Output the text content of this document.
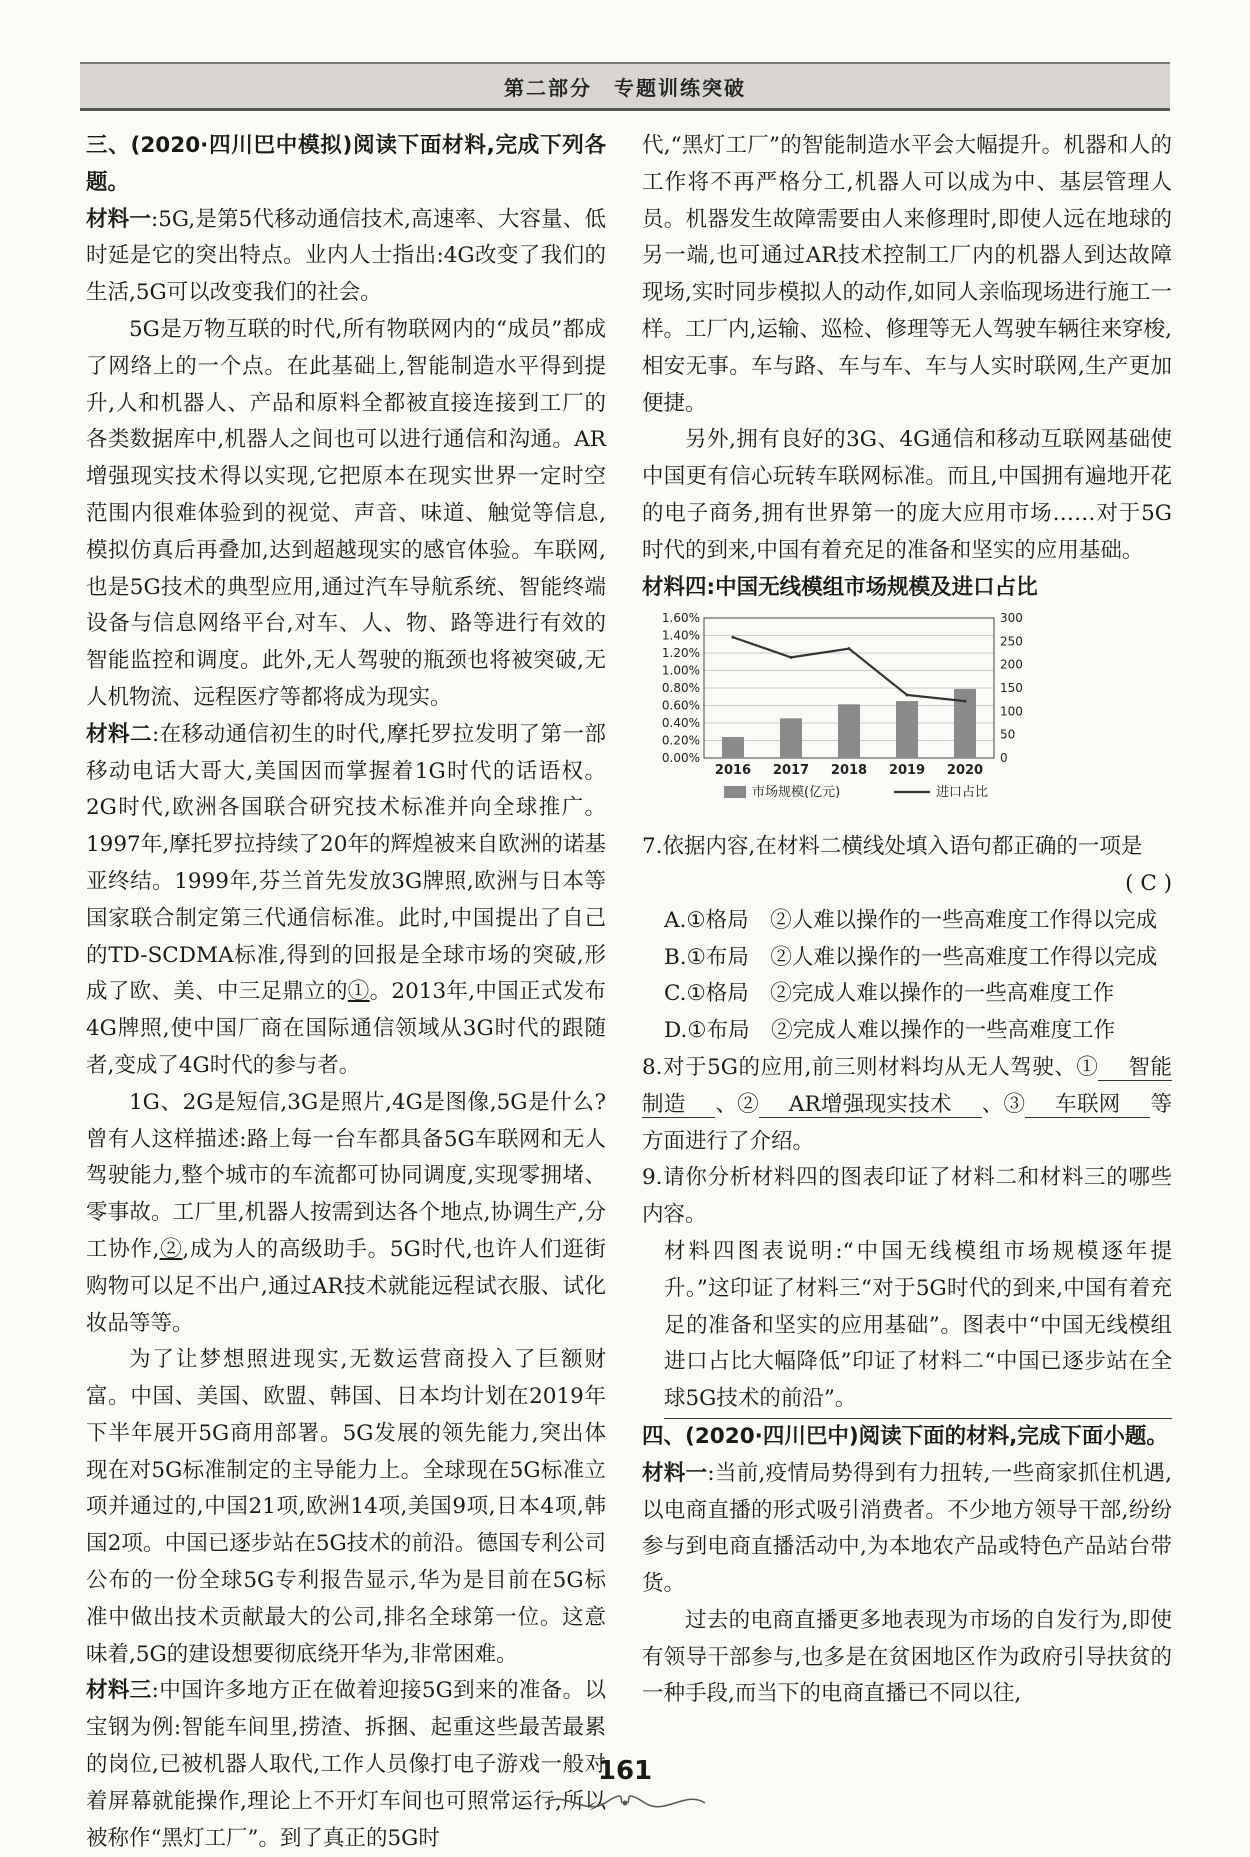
第二部分　专题训练突破

三、(2020·四川巴中模拟)阅读下面材料,完成下列各题。

材料一:5G,是第5代移动通信技术,高速率、大容量、低时延是它的突出特点。业内人士指出:4G改变了我们的生活,5G可以改变我们的社会。

5G是万物互联的时代,所有物联网内的“成员”都成了网络上的一个点。在此基础上,智能制造水平得到提升,人和机器人、产品和原料全都被直接连接到工厂的各类数据库中,机器人之间也可以进行通信和沟通。AR增强现实技术得以实现,它把原本在现实世界一定时空范围内很难体验到的视觉、声音、味道、触觉等信息,模拟仿真后再叠加,达到超越现实的感官体验。车联网,也是5G技术的典型应用,通过汽车导航系统、智能终端设备与信息网络平台,对车、人、物、路等进行有效的智能监控和调度。此外,无人驾驶的瓶颈也将被突破,无人机物流、远程医疗等都将成为现实。

材料二:在移动通信初生的时代,摩托罗拉发明了第一部移动电话大哥大,美国因而掌握着1G时代的话语权。2G时代,欧洲各国联合研究技术标准并向全球推广。1997年,摩托罗拉持续了20年的辉煌被来自欧洲的诺基亚终结。1999年,芬兰首先发放3G牌照,欧洲与日本等国家联合制定第三代通信标准。此时,中国提出了自己的TD-SCDMA标准,得到的回报是全球市场的突破,形成了欧、美、中三足鼎立的①。2013年,中国正式发布4G牌照,使中国厂商在国际通信领域从3G时代的跟随者,变成了4G时代的参与者。

1G、2G是短信,3G是照片,4G是图像,5G是什么?曾有人这样描述:路上每一台车都具备5G车联网和无人驾驶能力,整个城市的车流都可协同调度,实现零拥堵、零事故。工厂里,机器人按需到达各个地点,协调生产,分工协作,②,成为人的高级助手。5G时代,也许人们逛街购物可以足不出户,通过AR技术就能远程试衣服、试化妆品等等。

为了让梦想照进现实,无数运营商投入了巨额财富。中国、美国、欧盟、韩国、日本均计划在2019年下半年展开5G商用部署。5G发展的领先能力,突出体现在对5G标准制定的主导能力上。全球现在5G标准立项并通过的,中国21项,欧洲14项,美国9项,日本4项,韩国2项。中国已逐步站在5G技术的前沿。德国专利公司公布的一份全球5G专利报告显示,华为是目前在5G标准中做出技术贡献最大的公司,排名全球第一位。这意味着,5G的建设想要彻底绕开华为,非常困难。

材料三:中国许多地方正在做着迎接5G到来的准备。以宝钢为例:智能车间里,捞渣、拆捆、起重这些最苦最累的岗位,已被机器人取代,工作人员像打电子游戏一般对着屏幕就能操作,理论上不开灯车间也可照常运行,所以被称作“黑灯工厂”。到了真正的5G时

代,“黑灯工厂”的智能制造水平会大幅提升。机器和人的工作将不再严格分工,机器人可以成为中、基层管理人员。机器发生故障需要由人来修理时,即使人远在地球的另一端,也可通过AR技术控制工厂内的机器人到达故障现场,实时同步模拟人的动作,如同人亲临现场进行施工一样。工厂内,运输、巡检、修理等无人驾驶车辆往来穿梭,相安无事。车与路、车与车、车与人实时联网,生产更加便捷。

另外,拥有良好的3G、4G通信和移动互联网基础使中国更有信心玩转车联网标准。而且,中国拥有遍地开花的电子商务,拥有世界第一的庞大应用市场……对于5G时代的到来,中国有着充足的准备和坚实的应用基础。

材料四:中国无线模组市场规模及进口占比

0.00%
0.20%
0.40%
0.60%
0.80%
1.00%
1.20%
1.40%
1.60%
0
50
100
150
200
250
300
2016 2017 2018 2019 2020
市场规模(亿元)	进口占比

7.依据内容,在材料二横线处填入语句都正确的一项是

( C )

A.①格局　②人难以操作的一些高难度工作得以完成

B.①布局　②人难以操作的一些高难度工作得以完成

C.①格局　②完成人难以操作的一些高难度工作

D.①布局　②完成人难以操作的一些高难度工作

8.对于5G的应用,前三则材料均从无人驾驶、①　智能制造　、②　AR增强现实技术　、③　车联网　等方面进行了介绍。

9.请你分析材料四的图表印证了材料二和材料三的哪些内容。

材料四图表说明:“中国无线模组市场规模逐年提升。”这印证了材料三“对于5G时代的到来,中国有着充足的准备和坚实的应用基础”。图表中“中国无线模组进口占比大幅降低”印证了材料二“中国已逐步站在全球5G技术的前沿”。

四、(2020·四川巴中)阅读下面的材料,完成下面小题。

材料一:当前,疫情局势得到有力扭转,一些商家抓住机遇,以电商直播的形式吸引消费者。不少地方领导干部,纷纷参与到电商直播活动中,为本地农产品或特色产品站台带货。

过去的电商直播更多地表现为市场的自发行为,即使有领导干部参与,也多是在贫困地区作为政府引导扶贫的一种手段,而当下的电商直播已不同以往,

161
